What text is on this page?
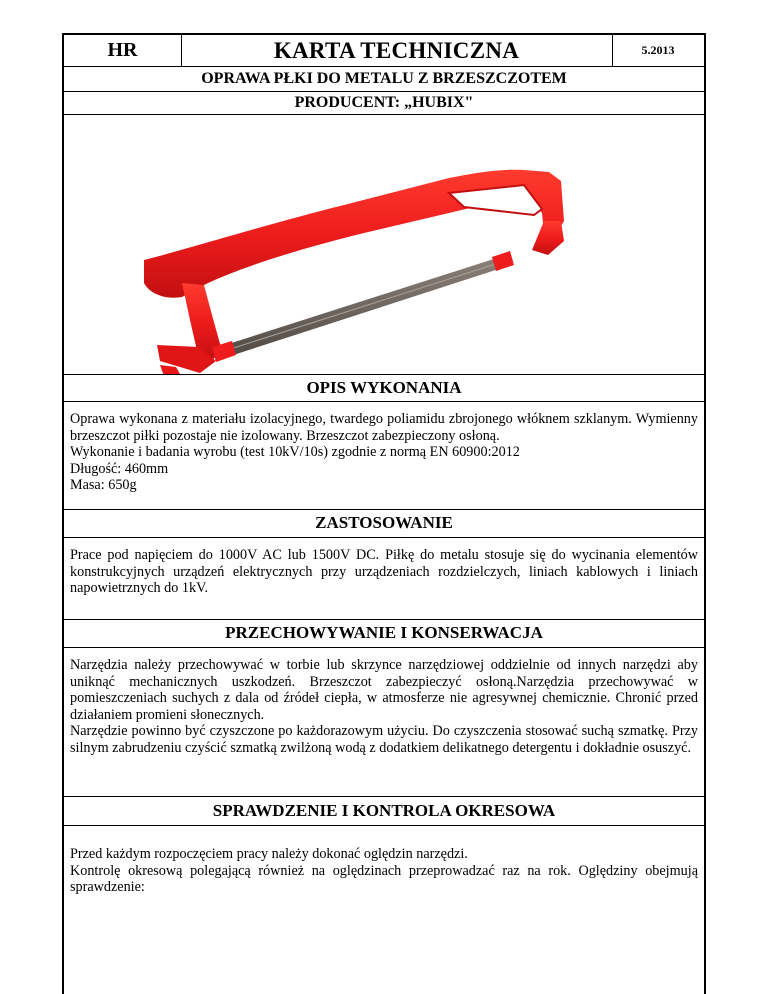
HR	KARTA TECHNICZNA	5.2013
OPRAWA PŁKI DO METALU Z BRZESZCZOTEM
PRODUCENT: „HUBIX"
OPIS WYKONANIA

Oprawa wykonana z materiału izolacyjnego, twardego poliamidu zbrojonego włóknem szklanym. Wymienny brzeszczot piłki pozostaje nie izolowany. Brzeszczot zabezpieczony osłoną.

Wykonanie i badania wyrobu (test 10kV/10s) zgodnie z normą EN 60900:2012

Długość: 460mm

Masa: 650g

ZASTOSOWANIE

Prace pod napięciem do 1000V AC lub 1500V DC. Piłkę do metalu stosuje się do wycinania elementów konstrukcyjnych urządzeń elektrycznych przy urządzeniach rozdzielczych, liniach kablowych i liniach napowietrznych do 1kV.

PRZECHOWYWANIE I KONSERWACJA

Narzędzia należy przechowywać w torbie lub skrzynce narzędziowej oddzielnie od innych narzędzi aby uniknąć mechanicznych uszkodzeń. Brzeszczot zabezpieczyć osłoną.Narzędzia przechowywać w pomieszczeniach suchych z dala od źródeł ciepła, w atmosferze nie agresywnej chemicznie. Chronić przed działaniem promieni słonecznych.

Narzędzie powinno być czyszczone po każdorazowym użyciu. Do czyszczenia stosować suchą szmatkę. Przy silnym zabrudzeniu czyścić szmatką zwilżoną wodą z dodatkiem delikatnego detergentu i dokładnie osuszyć.

SPRAWDZENIE I KONTROLA OKRESOWA

Przed każdym rozpoczęciem pracy należy dokonać oględzin narzędzi.

Kontrolę okresową polegającą również na oględzinach przeprowadzać raz na rok. Oględziny obejmują sprawdzenie:
